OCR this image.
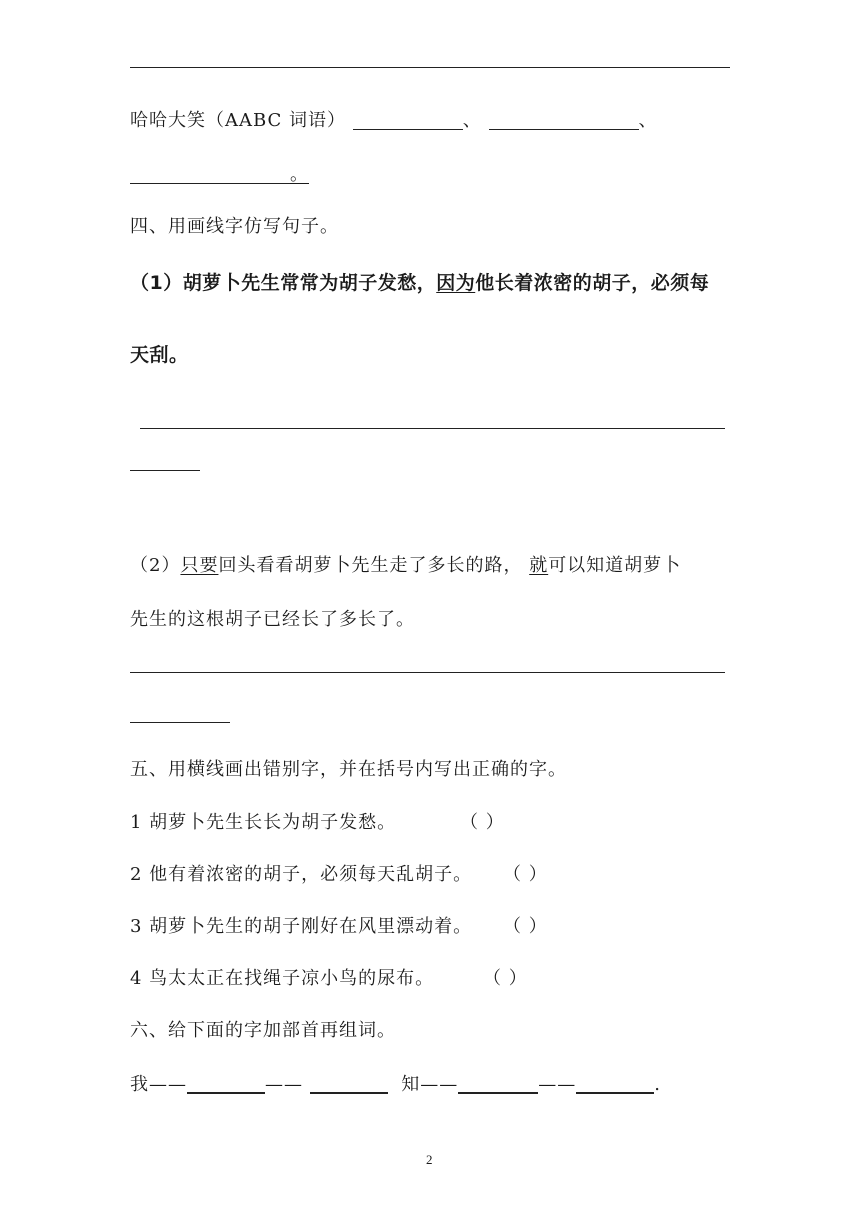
哈哈大笑（AABC 词语）	、	、
。
四、用画线字仿写句子。
（1）胡萝卜先生常常为胡子发愁，因为他长着浓密的胡子，必须每
天刮。
（2）只要回头看看胡萝卜先生走了多长的路， 就可以知道胡萝卜
先生的这根胡子已经长了多长了。
五、用横线画出错别字，并在括号内写出正确的字。
1 胡萝卜先生长长为胡子发愁。	（ ）
2 他有着浓密的胡子，必须每天乱胡子。 （ ）
3 胡萝卜先生的胡子刚好在风里漂动着。 （ ）
4 鸟太太正在找绳子凉小鸟的尿布。	（ ）
六、给下面的字加部首再组词。
我——	——	知——	——	.
2
